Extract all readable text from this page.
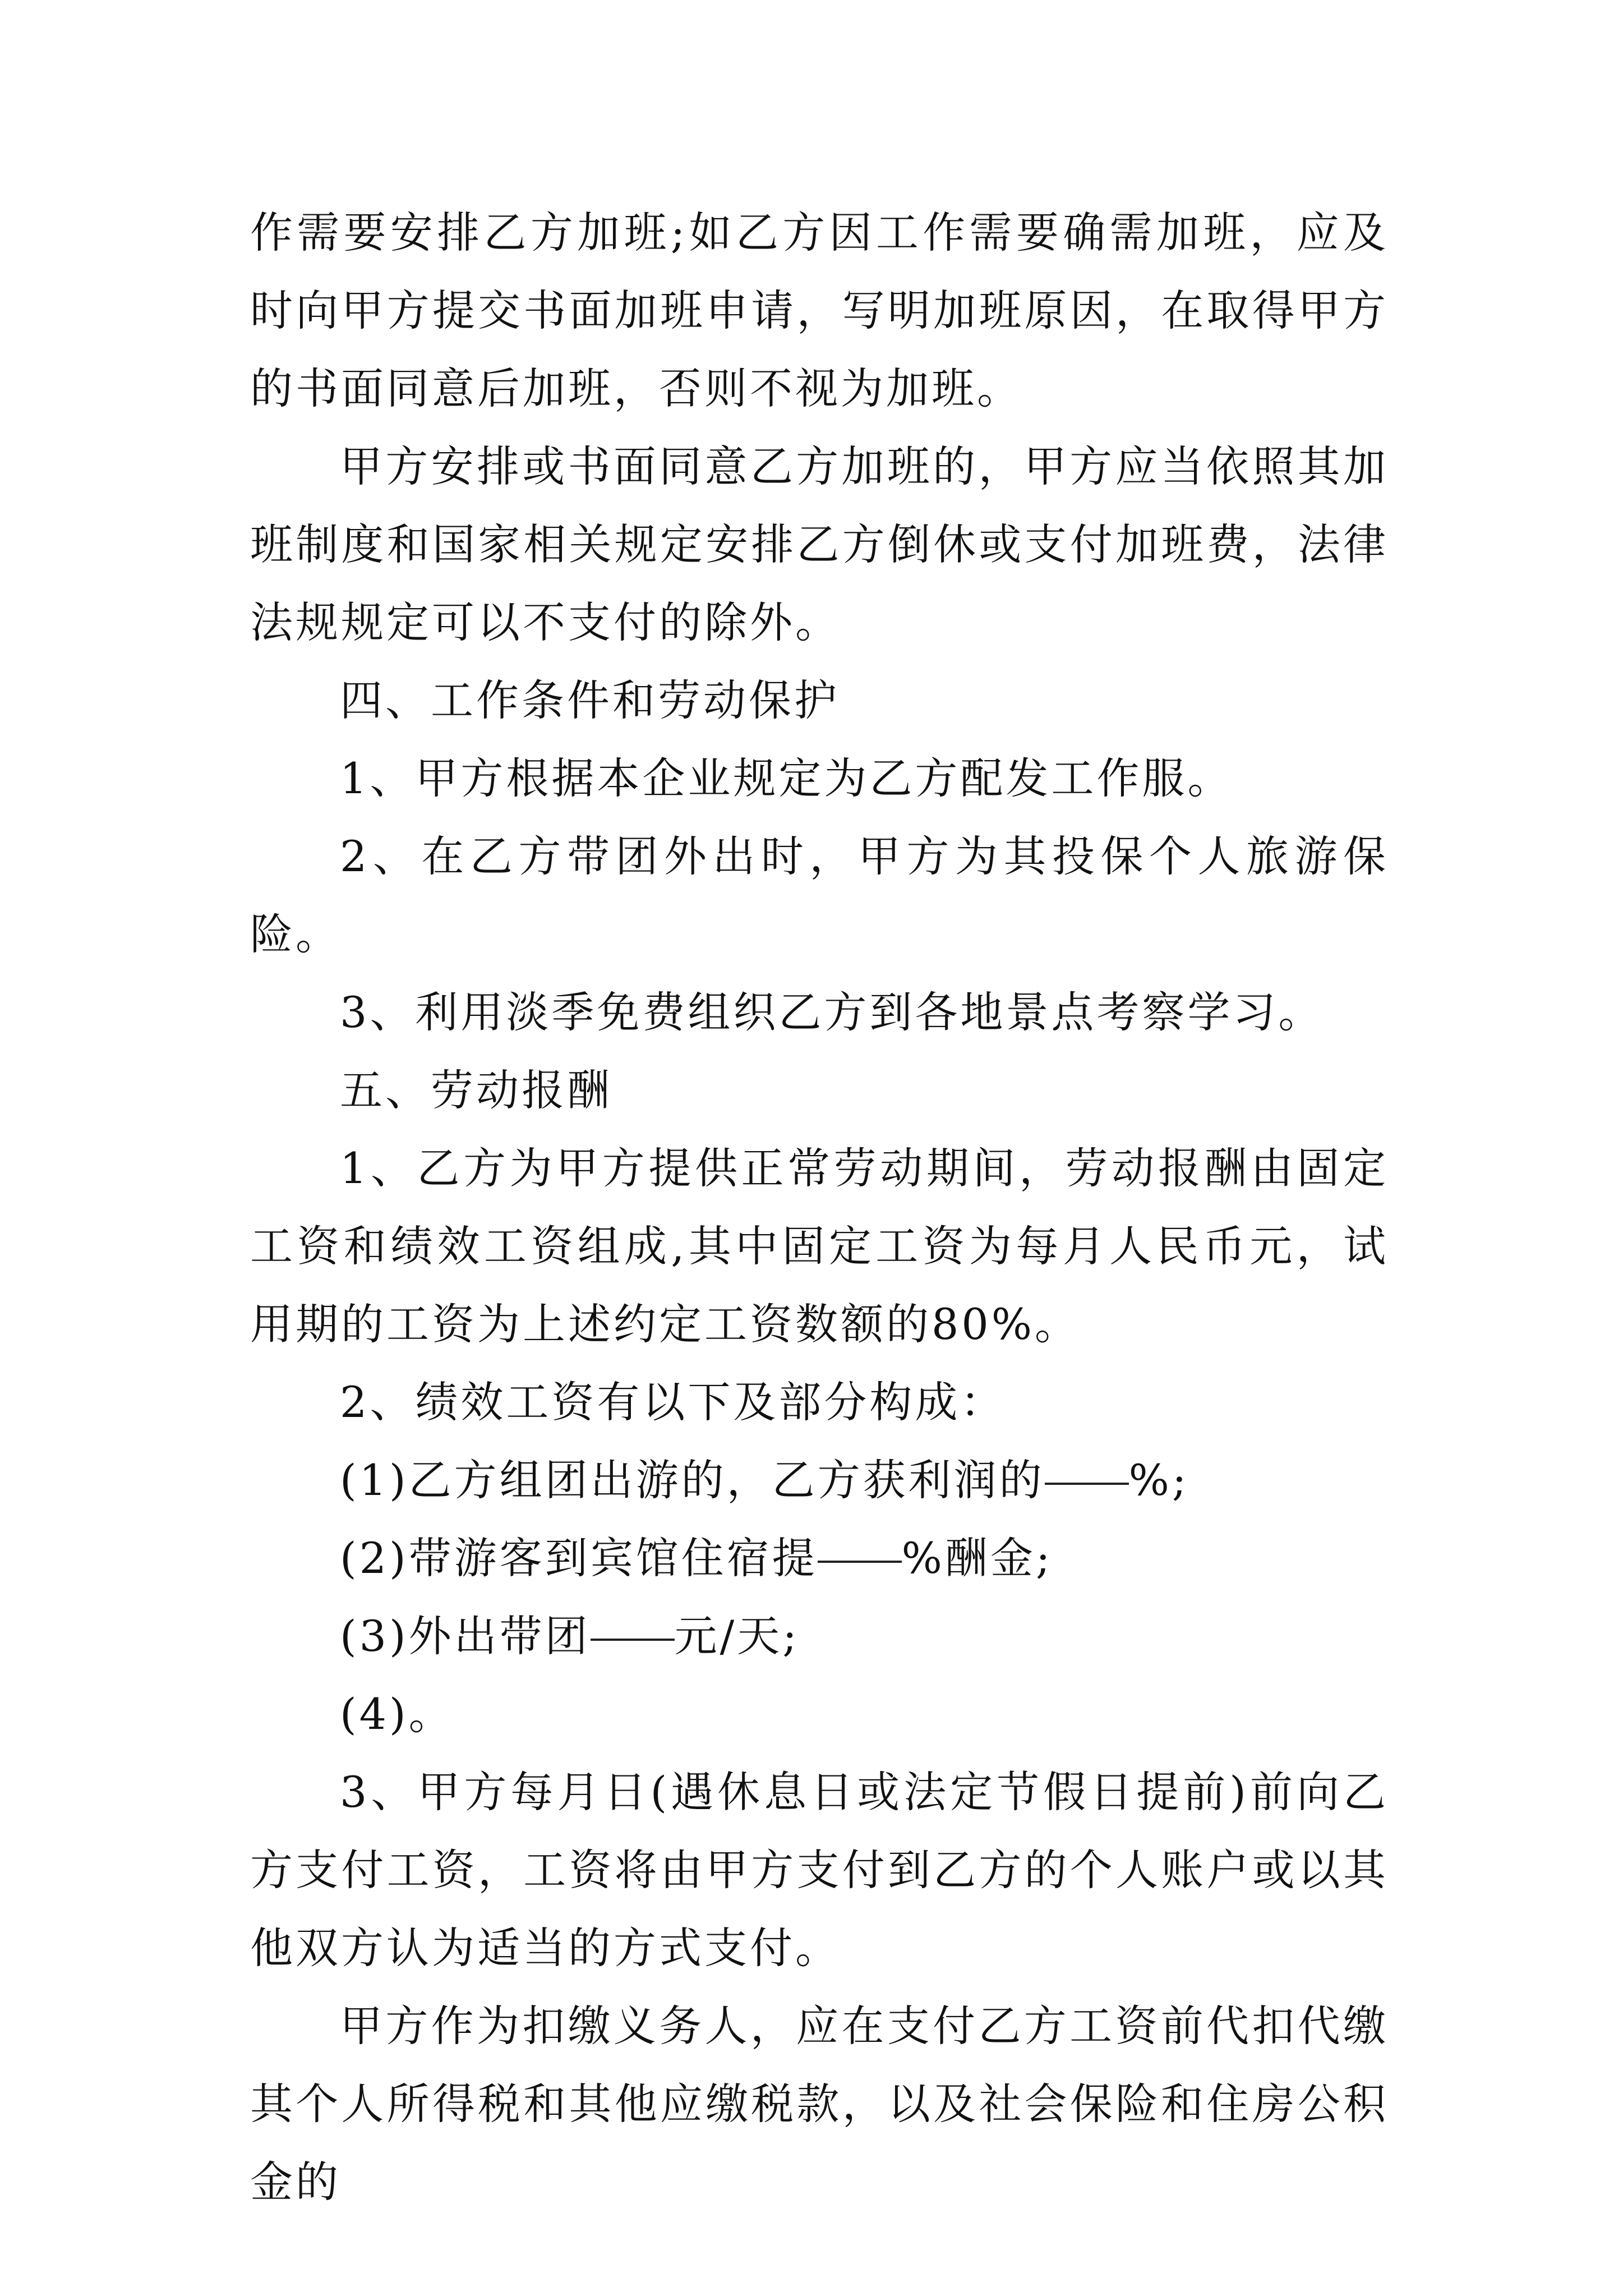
作需要安排乙方加班;如乙方因工作需要确需加班，应及时向甲方提交书面加班申请，写明加班原因，在取得甲方的书面同意后加班，否则不视为加班。

甲方安排或书面同意乙方加班的，甲方应当依照其加班制度和国家相关规定安排乙方倒休或支付加班费，法律法规规定可以不支付的除外。

四、工作条件和劳动保护

1、甲方根据本企业规定为乙方配发工作服。

2、在乙方带团外出时，甲方为其投保个人旅游保险。

3、利用淡季免费组织乙方到各地景点考察学习。

五、劳动报酬

1、乙方为甲方提供正常劳动期间，劳动报酬由固定工资和绩效工资组成,其中固定工资为每月人民币元，试用期的工资为上述约定工资数额的80%。

2、绩效工资有以下及部分构成：

(1)乙方组团出游的，乙方获利润的 %;

(2)带游客到宾馆住宿提 %酬金;

(3)外出带团 元/天;

(4)。

3、甲方每月日(遇休息日或法定节假日提前)前向乙方支付工资，工资将由甲方支付到乙方的个人账户或以其他双方认为适当的方式支付。

甲方作为扣缴义务人，应在支付乙方工资前代扣代缴其个人所得税和其他应缴税款，以及社会保险和住房公积金的
